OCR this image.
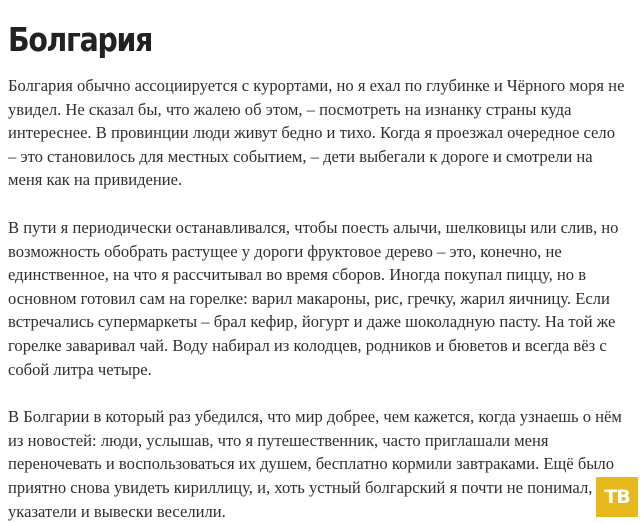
Болгария

Болгария обычно ассоциируется с курортами, но я ехал по глубинке и Чёрного моря не
увидел. Не сказал бы, что жалею об этом, – посмотреть на изнанку страны куда
интереснее. В провинции люди живут бедно и тихо. Когда я проезжал очередное село
– это становилось для местных событием, – дети выбегали к дороге и смотрели на
меня как на привидение.

В пути я периодически останавливался, чтобы поесть алычи, шелковицы или слив, но
возможность обобрать растущее у дороги фруктовое дерево – это, конечно, не
единственное, на что я рассчитывал во время сборов. Иногда покупал пиццу, но в
основном готовил сам на горелке: варил макароны, рис, гречку, жарил яичницу. Если
встречались супермаркеты – брал кефир, йогурт и даже шоколадную пасту. На той же
горелке заваривал чай. Воду набирал из колодцев, родников и бюветов и всегда вёз с
собой литра четыре.

В Болгарии в который раз убедился, что мир добрее, чем кажется, когда узнаешь о нём
из новостей: люди, услышав, что я путешественник, часто приглашали меня
переночевать и воспользоваться их душем, бесплатно кормили завтраками. Ещё было
приятно снова увидеть кириллицу, и, хоть устный болгарский я почти не понимал,
указатели и вывески веселили.

ТВ
